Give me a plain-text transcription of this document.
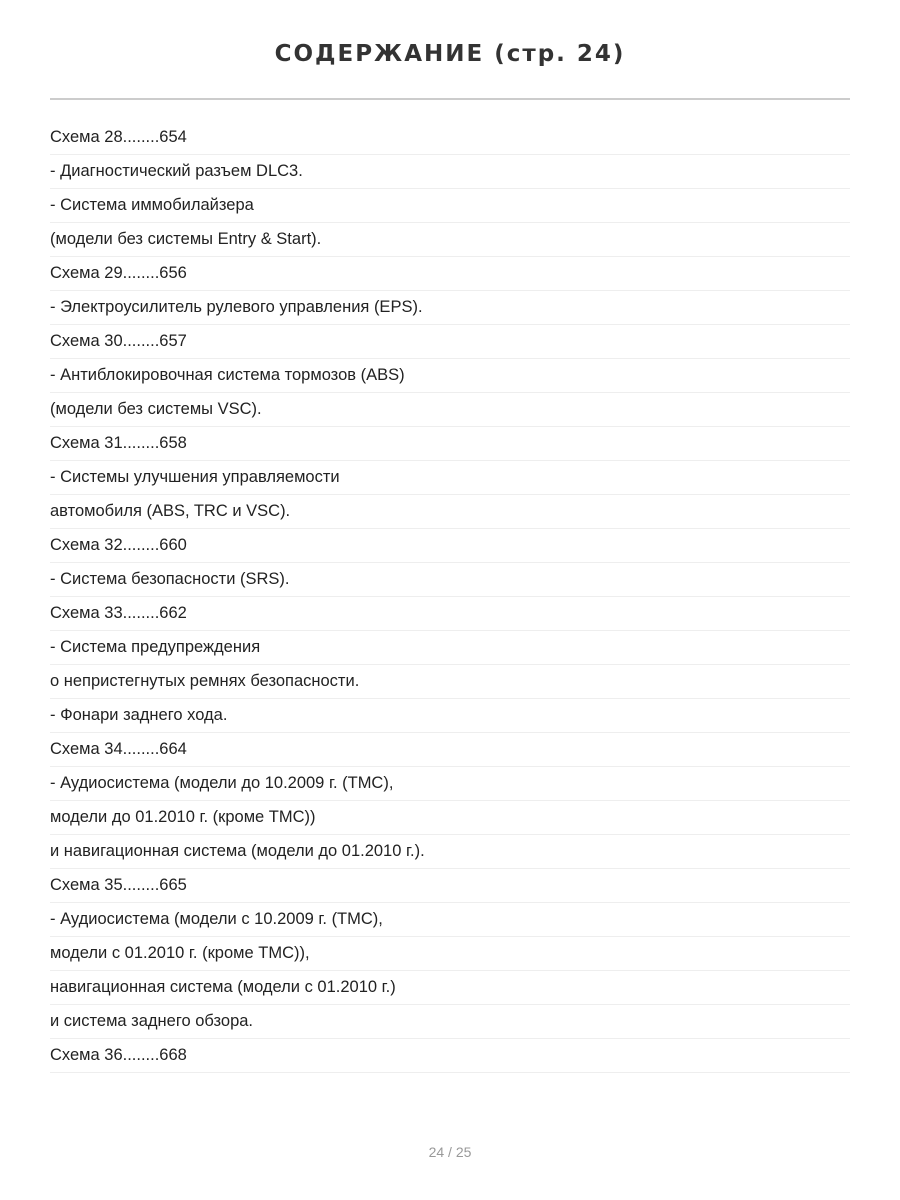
СОДЕРЖАНИЕ (стр. 24)
Схема 28........654
- Диагностический разъем DLC3.
- Система иммобилайзера
(модели без системы Entry & Start).
Схема 29........656
- Электроусилитель рулевого управления (EPS).
Схема 30........657
- Антиблокировочная система тормозов (ABS)
(модели без системы VSC).
Схема 31........658
- Системы улучшения управляемости
автомобиля (ABS, TRC и VSC).
Схема 32........660
- Система безопасности (SRS).
Схема 33........662
- Система предупреждения
о непристегнутых ремнях безопасности.
- Фонари заднего хода.
Схема 34........664
- Аудиосистема (модели до 10.2009 г. (TMC),
модели до 01.2010 г. (кроме TMC))
и навигационная система (модели до 01.2010 г.).
Схема 35........665
- Аудиосистема (модели с 10.2009 г. (TMC),
модели с 01.2010 г. (кроме TMC)),
навигационная система (модели с 01.2010 г.)
и система заднего обзора.
Схема 36........668
24 / 25
